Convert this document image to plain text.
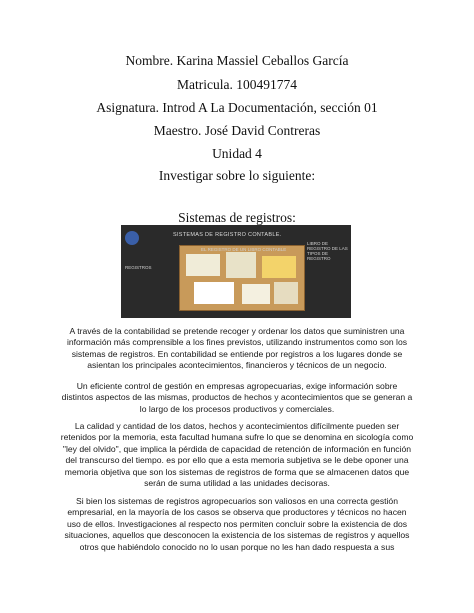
Nombre. Karina Massiel Ceballos García

Matricula. 100491774

Asignatura. Introd A La Documentación, sección 01

Maestro. José David Contreras

Unidad 4

Investigar sobre lo siguiente:

Sistemas de registros:

SISTEMAS DE REGISTRO CONTABLE.
EL REGISTRO DE UN LIBRO CONTABLE
REGISTROS
LIBRO DE REGISTRO DE LAS TIPOS DE REGISTRO

A través de la contabilidad se pretende recoger y ordenar los datos que suministren una información más comprensible a los fines previstos, utilizando instrumentos como son los sistemas de registros. En contabilidad se entiende por registros a los lugares donde se asientan los principales acontecimientos, financieros y técnicos de un negocio.

Un eficiente control de gestión en empresas agropecuarias, exige información sobre distintos aspectos de las mismas, productos de hechos y acontecimientos que se generan a lo largo de los procesos productivos y comerciales.

La calidad y cantidad de los datos, hechos y acontecimientos difícilmente pueden ser retenidos por la memoria, esta facultad humana sufre lo que se denomina en sicología como "ley del olvido", que implica la pérdida de capacidad de retención de información en función del transcurso del tiempo. es por ello que a esta memoria subjetiva se le debe oponer una memoria objetiva que son los sistemas de registros de forma que se almacenen datos que serán de suma utilidad a las unidades decisoras.

Si bien los sistemas de registros agropecuarios son valiosos en una correcta gestión empresarial, en la mayoría de los casos se observa que productores y técnicos no hacen uso de ellos. Investigaciones al respecto nos permiten concluir sobre la existencia de dos situaciones, aquellos que desconocen la existencia de los sistemas de registros y aquellos otros que habiéndolo conocido no lo usan porque no les han dado respuesta a sus
